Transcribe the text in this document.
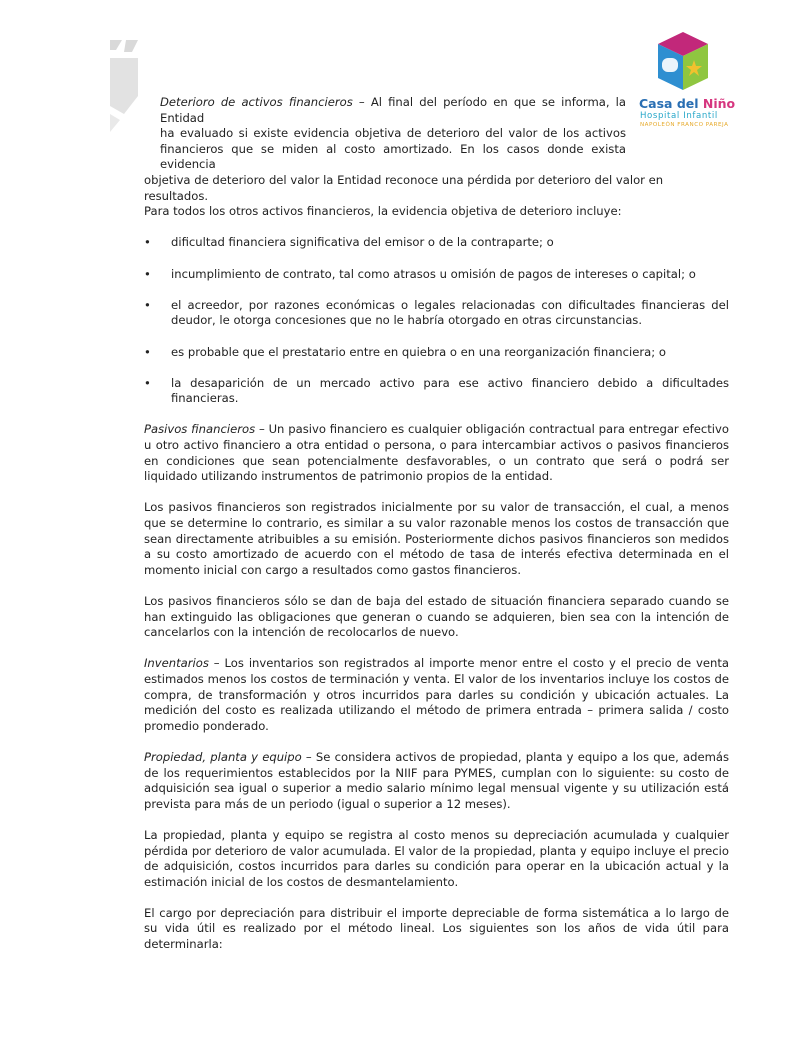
Casa del Niño
Hospital Infantil
NAPOLEÓN FRANCO PAREJA
Deterioro de activos financieros – Al final del período en que se informa, la Entidad
ha evaluado si existe evidencia objetiva de deterioro del valor de los activos
financieros que se miden al costo amortizado. En los casos donde exista evidencia
objetiva de deterioro del valor la Entidad reconoce una pérdida por deterioro del valor en resultados.
Para todos los otros activos financieros, la evidencia objetiva de deterioro incluye:
• dificultad financiera significativa del emisor o de la contraparte; o
• incumplimiento de contrato, tal como atrasos u omisión de pagos de intereses o capital; o
• el acreedor, por razones económicas o legales relacionadas con dificultades financieras del deudor, le otorga concesiones que no le habría otorgado en otras circunstancias.
• es probable que el prestatario entre en quiebra o en una reorganización financiera; o
• la desaparición de un mercado activo para ese activo financiero debido a dificultades financieras.

Pasivos financieros – Un pasivo financiero es cualquier obligación contractual para entregar efectivo u otro activo financiero a otra entidad o persona, o para intercambiar activos o pasivos financieros en condiciones que sean potencialmente desfavorables, o un contrato que será o podrá ser liquidado utilizando instrumentos de patrimonio propios de la entidad.

Los pasivos financieros son registrados inicialmente por su valor de transacción, el cual, a menos que se determine lo contrario, es similar a su valor razonable menos los costos de transacción que sean directamente atribuibles a su emisión. Posteriormente dichos pasivos financieros son medidos a su costo amortizado de acuerdo con el método de tasa de interés efectiva determinada en el momento inicial con cargo a resultados como gastos financieros.

Los pasivos financieros sólo se dan de baja del estado de situación financiera separado cuando se han extinguido las obligaciones que generan o cuando se adquieren, bien sea con la intención de cancelarlos con la intención de recolocarlos de nuevo.

Inventarios – Los inventarios son registrados al importe menor entre el costo y el precio de venta estimados menos los costos de terminación y venta. El valor de los inventarios incluye los costos de compra, de transformación y otros incurridos para darles su condición y ubicación actuales. La medición del costo es realizada utilizando el método de primera entrada – primera salida / costo promedio ponderado.

Propiedad, planta y equipo – Se considera activos de propiedad, planta y equipo a los que, además de los requerimientos establecidos por la NIIF para PYMES, cumplan con lo siguiente: su costo de adquisición sea igual o superior a medio salario mínimo legal mensual vigente y su utilización está prevista para más de un periodo (igual o superior a 12 meses).

La propiedad, planta y equipo se registra al costo menos su depreciación acumulada y cualquier pérdida por deterioro de valor acumulada. El valor de la propiedad, planta y equipo incluye el precio de adquisición, costos incurridos para darles su condición para operar en la ubicación actual y la estimación inicial de los costos de desmantelamiento.

El cargo por depreciación para distribuir el importe depreciable de forma sistemática a lo largo de su vida útil es realizado por el método lineal. Los siguientes son los años de vida útil para determinarla:
